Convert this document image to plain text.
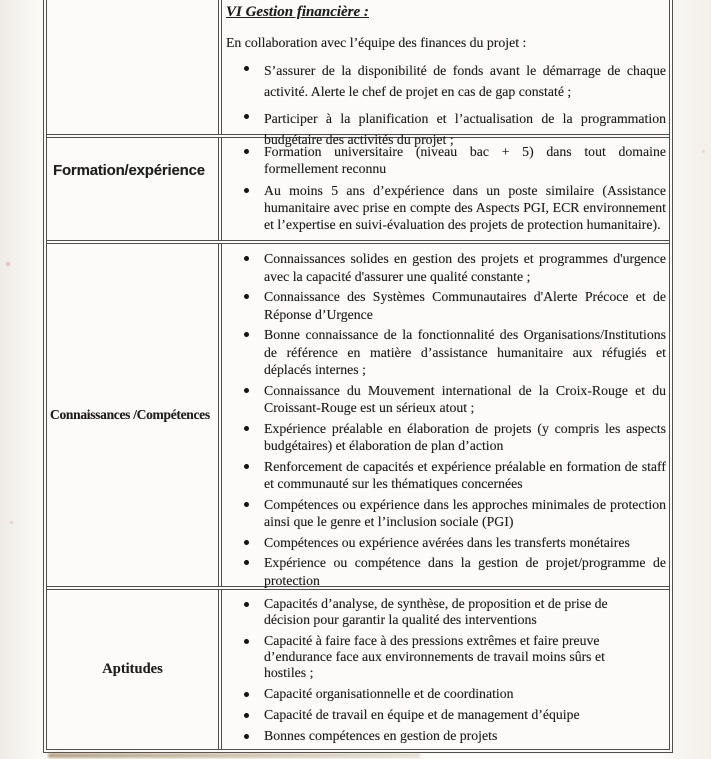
VI Gestion financière :

En collaboration avec l’équipe des finances du projet :

S’assurer de la disponibilité de fonds avant le démarrage de chaque activité. Alerte le chef de projet en cas de gap constaté ;
Participer à la planification et l’actualisation de la programmation budgétaire des activités du projet ;
Formation/expérience
Formation universitaire (niveau bac + 5) dans tout domaine formellement reconnu
Au moins 5 ans d’expérience dans un poste similaire (Assistance humanitaire avec prise en compte des Aspects PGI, ECR environnement et l’expertise en suivi-évaluation des projets de protection humanitaire).
Connaissances /Compétences
Connaissances solides en gestion des projets et programmes d'urgence avec la capacité d'assurer une qualité constante ;
Connaissance des Systèmes Communautaires d'Alerte Précoce et de Réponse d’Urgence
Bonne connaissance de la fonctionnalité des Organisations/Institutions de référence en matière d’assistance humanitaire aux réfugiés et déplacés internes ;
Connaissance du Mouvement international de la Croix-Rouge et du Croissant-Rouge est un sérieux atout ;
Expérience préalable en élaboration de projets (y compris les aspects budgétaires) et élaboration de plan d’action
Renforcement de capacités et expérience préalable en formation de staff et communauté sur les thématiques concernées
Compétences ou expérience dans les approches minimales de protection ainsi que le genre et l’inclusion sociale (PGI)
Compétences ou expérience avérées dans les transferts monétaires
Expérience ou compétence dans la gestion de projet/programme de protection
Aptitudes
Capacités d’analyse, de synthèse, de proposition et de prise de décision pour garantir la qualité des interventions
Capacité à faire face à des pressions extrêmes et faire preuve d’endurance face aux environnements de travail moins sûrs et hostiles ;
Capacité organisationnelle et de coordination
Capacité de travail en équipe et de management d’équipe
Bonnes compétences en gestion de projets
